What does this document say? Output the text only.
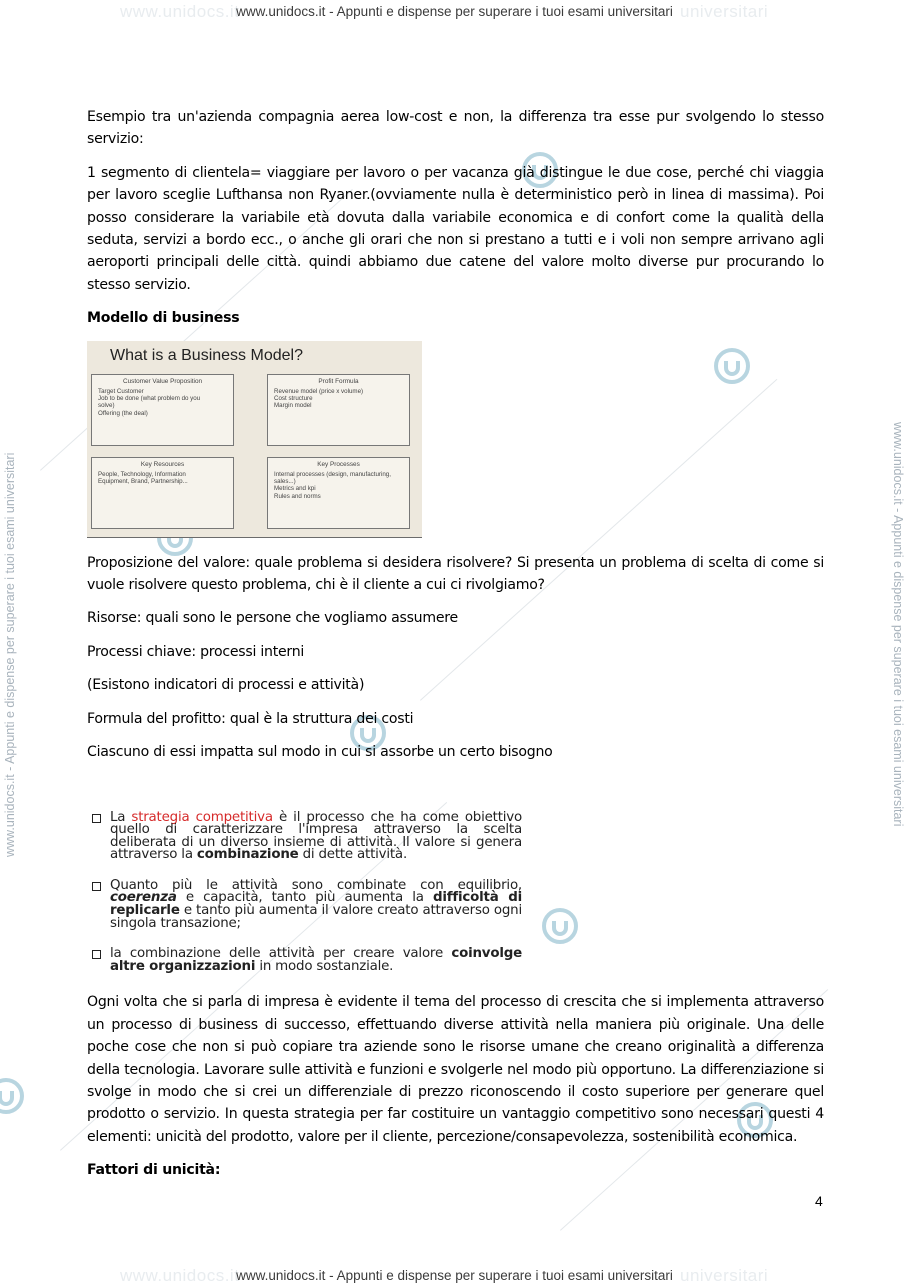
www.unidocs.it	universitari
www.unidocs.it	universitari
www.unidocs.it - Appunti e dispense per superare i tuoi esami universitari
www.unidocs.it - Appunti e dispense per superare i tuoi esami universitari
www.unidocs.it - Appunti e dispense per superare i tuoi esami universitari	www.unidocs.it - Appunti e dispense per superare i tuoi esami universitari

Esempio tra un'azienda compagnia aerea low-cost e non, la differenza tra esse pur svolgendo lo stesso servizio:

1 segmento di clientela= viaggiare per lavoro o per vacanza già distingue le due cose, perché chi viaggia per lavoro sceglie Lufthansa non Ryaner.(ovviamente nulla è deterministico però in linea di massima). Poi posso considerare la variabile età dovuta dalla variabile economica e di confort come la qualità della seduta, servizi a bordo ecc., o anche gli orari che non si prestano a tutti e i voli non sempre arrivano agli aeroporti principali delle città. quindi abbiamo due catene del valore molto diverse pur procurando lo stesso servizio.

Modello di business

What is a Business Model?
Customer Value Proposition
Target Customer
Job to be done (what problem do you
solve)
Offering (the deal)
Profit Formula
Revenue model (price x volume)
Cost structure
Margin model
Key Resources
People, Technology, Information
Equipment, Brand, Partnership...
Key Processes
Internal processes (design, manufacturing,
sales...)
Metrics and kpi
Rules and norms

Proposizione del valore: quale problema si desidera risolvere? Si presenta un problema di scelta di come si vuole risolvere questo problema, chi è il cliente a cui ci rivolgiamo?

Risorse: quali sono le persone che vogliamo assumere

Processi chiave: processi interni

(Esistono indicatori di processi e attività)

Formula del profitto: qual è la struttura dei costi

Ciascuno di essi impatta sul modo in cui si assorbe un certo bisogno

La strategia competitiva è il processo che ha come obiettivo quello di caratterizzare l'impresa attraverso la scelta deliberata di un diverso insieme di attività. Il valore si genera attraverso la combinazione di dette attività.
Quanto più le attività sono combinate con equilibrio, coerenza e capacità, tanto più aumenta la difficoltà di replicarle e tanto più aumenta il valore creato attraverso ogni singola transazione;
la combinazione delle attività per creare valore coinvolge altre organizzazioni in modo sostanziale.

Ogni volta che si parla di impresa è evidente il tema del processo di crescita che si implementa attraverso un processo di business di successo, effettuando diverse attività nella maniera più originale. Una delle poche cose che non si può copiare tra aziende sono le risorse umane che creano originalità a differenza della tecnologia. Lavorare sulle attività e funzioni e svolgerle nel modo più opportuno. La differenziazione si svolge in modo che si crei un differenziale di prezzo riconoscendo il costo superiore per generare quel prodotto o servizio. In questa strategia per far costituire un vantaggio competitivo sono necessari questi 4 elementi: unicità del prodotto, valore per il cliente, percezione/consapevolezza, sostenibilità economica.

Fattori di unicità:

4
